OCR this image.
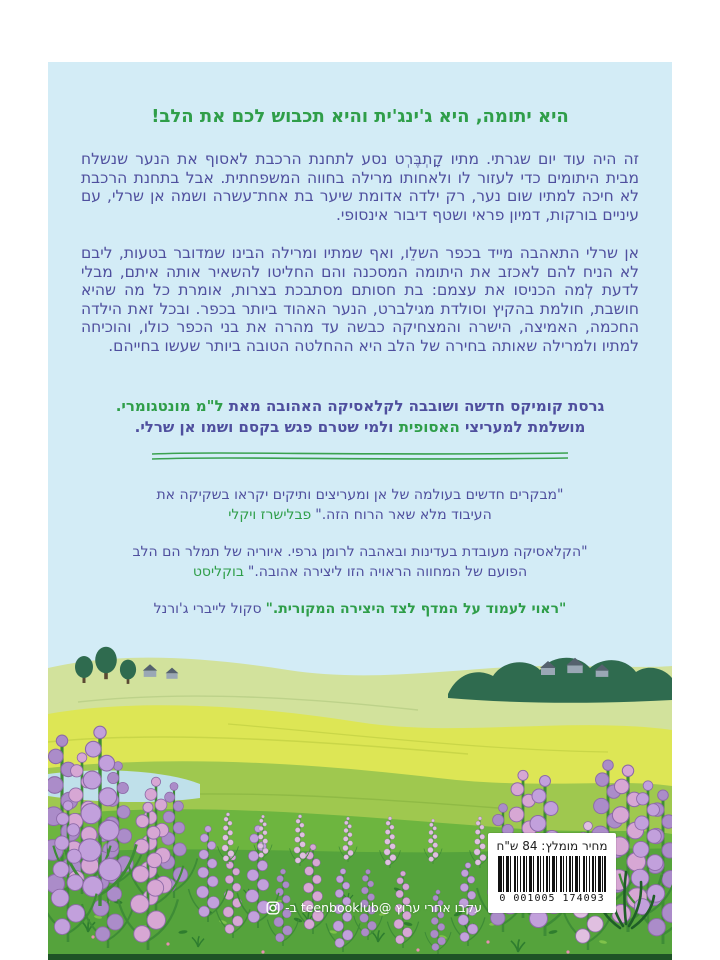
היא יתומה, היא ג'ינג'ית והיא תכבוש לכם את הלב!

זה היה עוד יום שגרתי. מתיו קָתְבֶּרְט נסע לתחנת הרכבת לאסוף את הנער שנשלח מבית היתומים כדי לעזור לו ולאחותו מרילה בחווה המשפחתית. אבל בתחנת הרכבת לא חיכה למתיו שום נער, רק ילדה אדומת שיער בת אחת־עשרה ושמה אן שרלי, עם עיניים בורקות, דמיון פראי ושטף דיבור אינסופי.

אן שרלי התאהבה מייד בכפר השלֵו, ואף שמתיו ומרילה הבינו שמדובר בטעות, ליבם לא הניח להם לאכזב את היתומה המסכנה והם החליטו להשאיר אותה איתם, מבלי לדעת לְמה הכניסו את עצמם: בת חסותם מסתבכת בצרות, אומרת כל מה שהיא חושבת, חולמת בהקיץ וסולדת מגילברט, הנער האהוד ביותר בכפר. ובכל זאת הילדה החכמה, האמיצה, הישרה והמצחיקה כבשה עד מהרה את בני הכפר כולו, והוכיחה למתיו ולמרילה שאותה בחירה של הלב היא ההחלטה הטובה ביותר שעשו בחייהם.

גרסת קומיקס חדשה ושובבה לקלאסיקה האהובה מאת ל"מ מונטגומרי.
מושלמת למעריצי האסופית ולמי שטרם פגש בקסם ושמו אן שרלי.
"מבקרים חדשים בעולמה של אן ומעריצים ותיקים יקראו בשקיקה את העיבוד מלא שאר הרוח הזה."פבלישרז ויקלי
"הקלאסיקה מעובדת בעדינות ובאהבה לרומן גרפי. איוריה של תמלר הם הלב הפועם של המחווה הראויה הזו ליצירה אהובה."בוקליסט
"ראוי לעמוד על המדף לצד היצירה המקורית."סקול לייברי ג'ורנל
עקבו אחרי ערוץ @teenbooklub ב-
מחיר מומלץ: 84 ש"ח
0 001005 174093
